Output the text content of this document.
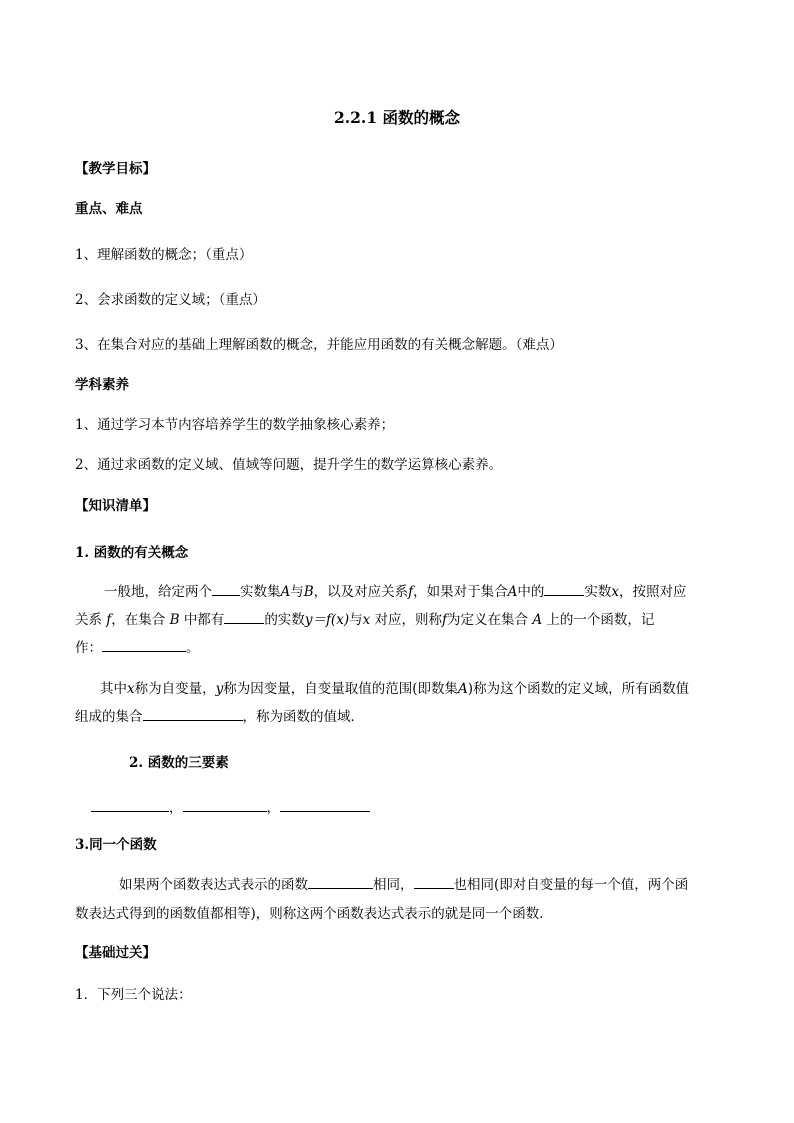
2.2.1 函数的概念
【教学目标】
重点、难点
1、理解函数的概念；（重点）
2、会求函数的定义域；（重点）
3、在集合对应的基础上理解函数的概念，并能应用函数的有关概念解题。（难点）
学科素养
1、通过学习本节内容培养学生的数学抽象核心素养；
2、通过求函数的定义域、值域等问题，提升学生的数学运算核心素养。
【知识清单】
1. 函数的有关概念
一般地，给定两个 实数集A与B，以及对应关系f，如果对于集合A中的	实数x，按照对应
关系 f，在集合 B 中都有	的实数y＝f(x)与x 对应，则称f为定义在集合 A 上的一个函数，记
作：	。
其中x称为自变量，y称为因变量，自变量取值的范围(即数集A)称为这个函数的定义域，所有函数值
组成的集合	，称为函数的值域．
2. 函数的三要素
，	，
3.同一个函数
如果两个函数表达式表示的函数	相同，	也相同(即对自变量的每一个值，两个函
数表达式得到的函数值都相等)，则称这两个函数表达式表示的就是同一个函数．
【基础过关】
1．下列三个说法：
